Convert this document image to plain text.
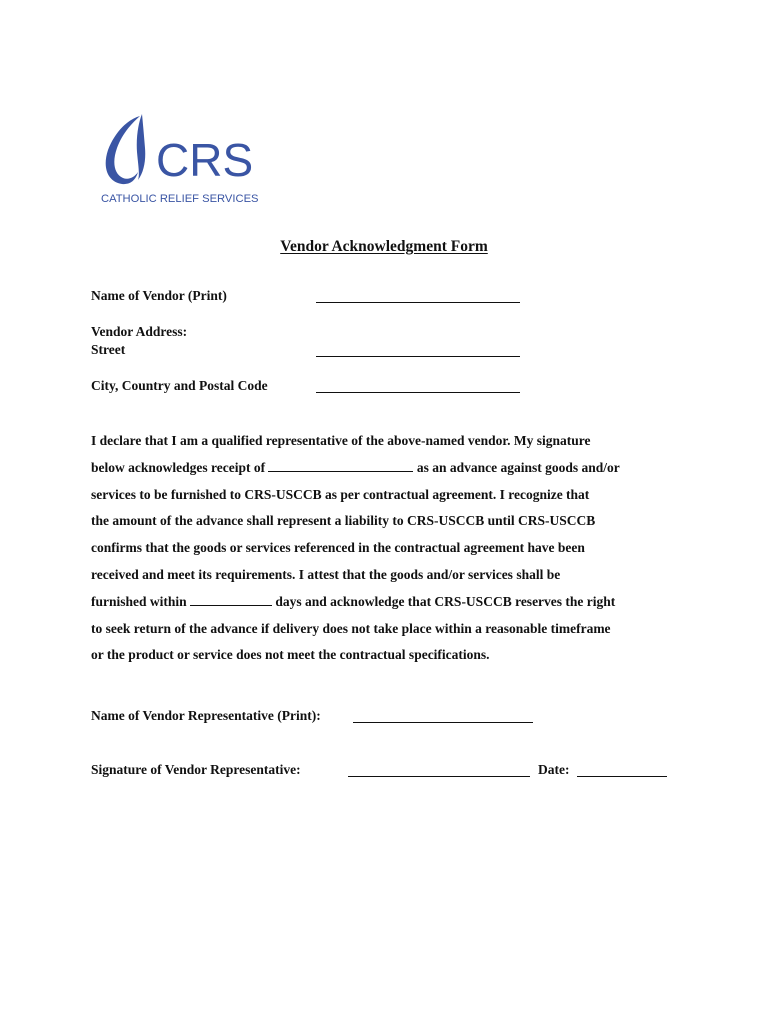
CRS
CATHOLIC RELIEF SERVICES
Vendor Acknowledgment Form
Name of Vendor (Print)
Vendor Address:
Street
City, Country and Postal Code
I declare that I am a qualified representative of the above-named vendor. My signature
below acknowledges receipt of	as an advance against goods and/or
services to be furnished to CRS-USCCB as per contractual agreement. I recognize that
the amount of the advance shall represent a liability to CRS-USCCB until CRS-USCCB
confirms that the goods or services referenced in the contractual agreement have been
received and meet its requirements. I attest that the goods and/or services shall be
furnished within	days and acknowledge that CRS-USCCB reserves the right
to seek return of the advance if delivery does not take place within a reasonable timeframe
or the product or service does not meet the contractual specifications.
Name of Vendor Representative (Print):
Signature of Vendor Representative:	Date:
